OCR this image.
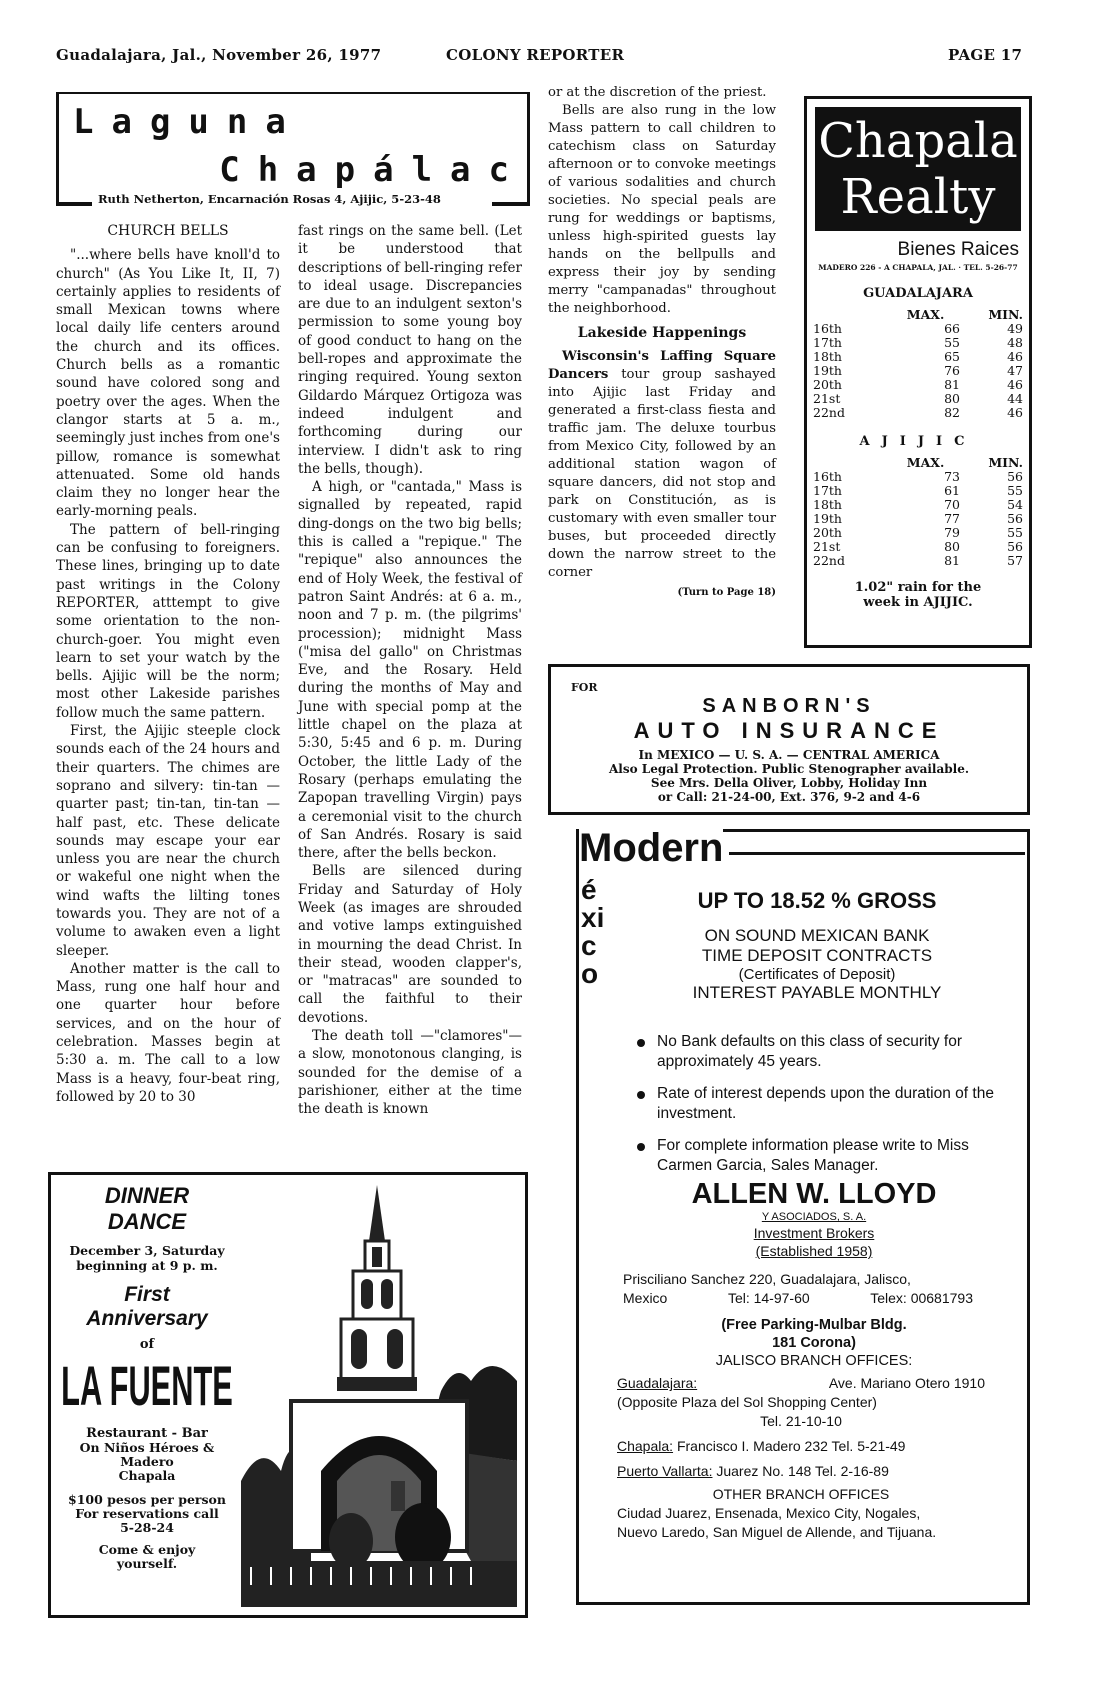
Guadalajara, Jal., November 26, 1977	COLONY REPORTER	PAGE 17
Laguna
Chapálac
Ruth Netherton, Encarnación Rosas 4, Ajijic, 5-23-48
CHURCH BELLS

"...where bells have knoll'd to church" (As You Like It, II, 7) certainly applies to residents of small Mexican towns where local daily life centers around the church and its offices. Church bells as a romantic sound have colored song and poetry over the ages. When the clangor starts at 5 a. m., seemingly just inches from one's pillow, romance is somewhat attenuated. Some old hands claim they no longer hear the early-morning peals.

The pattern of bell-ringing can be confusing to foreigners. These lines, bringing up to date past writings in the Colony REPORTER, atttempt to give some orientation to the non-church-goer. You might even learn to set your watch by the bells. Ajijic will be the norm; most other Lakeside parishes follow much the same pattern.

First, the Ajijic steeple clock sounds each of the 24 hours and their quarters. The chimes are soprano and silvery: tin-tan — quarter past; tin-tan, tin-tan — half past, etc. These delicate sounds may escape your ear unless you are near the church or wakeful one night when the wind wafts the lilting tones towards you. They are not of a volume to awaken even a light sleeper.

Another matter is the call to Mass, rung one half hour and one quarter hour before services, and on the hour of celebration. Masses begin at 5:30 a. m. The call to a low Mass is a heavy, four-beat ring, followed by 20 to 30

fast rings on the same bell. (Let it be understood that descriptions of bell-ringing refer to ideal usage. Discrepancies are due to an indulgent sexton's permission to some young boy of good conduct to hang on the bell-ropes and approximate the ringing required. Young sexton Gildardo Márquez Ortigoza was indeed indulgent and forthcoming during our interview. I didn't ask to ring the bells, though).

A high, or "cantada," Mass is signalled by repeated, rapid ding-dongs on the two big bells; this is called a "repique." The "repique" also announces the end of Holy Week, the festival of patron Saint Andrés: at 6 a. m., noon and 7 p. m. (the pilgrims' procession); midnight Mass ("misa del gallo" on Christmas Eve, and the Rosary. Held during the months of May and June with special pomp at the little chapel on the plaza at 5:30, 5:45 and 6 p. m. During October, the little Lady of the Rosary (perhaps emulating the Zapopan travelling Virgin) pays a ceremonial visit to the church of San Andrés. Rosary is said there, after the bells beckon.

Bells are silenced during Friday and Saturday of Holy Week (as images are shrouded and votive lamps extinguished in mourning the dead Christ. In their stead, wooden clapper's, or "matracas" are sounded to call the faithful to their devotions.

The death toll —"clamores"— a slow, monotonous clanging, is sounded for the demise of a parishioner, either at the time the death is known

or at the discretion of the priest.

Bells are also rung in the low Mass pattern to call children to catechism class on Saturday afternoon or to convoke meetings of various sodalities and church societies. No special peals are rung for weddings or baptisms, unless high-spirited guests lay hands on the bellpulls and express their joy by sending merry "campanadas" throughout the neighborhood.

Lakeside Happenings

Wisconsin's Laffing Square Dancers tour group sashayed into Ajijic last Friday and generated a first-class fiesta and traffic jam. The deluxe tourbus from Mexico City, followed by an additional station wagon of square dancers, did not stop and park on Constitución, as is customary with even smaller tour buses, but proceeded directly down the narrow street to the corner

(Turn to Page 18)
Chapala
Realty
Bienes Raices
MADERO 226 - A CHAPALA, JAL. · TEL. 5-26-77
GUADALAJARA
MAX.	MIN.
16th	66	49
17th	55	48
18th	65	46
19th	76	47
20th	81	46
21st	80	44
22nd	82	46
AJIJIC
MAX.	MIN.
16th	73	56
17th	61	55
18th	70	54
19th	77	56
20th	79	55
21st	80	56
22nd	81	57
1.02" rain for the week in AJIJIC.
FOR
SANBORN'S
AUTO INSURANCE
In MEXICO — U. S. A. — CENTRAL AMERICA
Also Legal Protection. Public Stenographer available.
See Mrs. Della Oliver, Lobby, Holiday Inn
or Call: 21-24-00, Ext. 376, 9-2 and 4-6
Modern
éxico
UP TO 18.52 % GROSS
ON SOUND MEXICAN BANK
TIME DEPOSIT CONTRACTS
(Certificates of Deposit)
INTEREST PAYABLE MONTHLY
No Bank defaults on this class of security for approximately 45 years.
Rate of interest depends upon the duration of the investment.
For complete information please write to Miss Carmen Garcia, Sales Manager.
ALLEN W. LLOYD
Y ASOCIADOS, S. A.
Investment Brokers
(Established 1958)
Prisciliano Sanchez 220, Guadalajara, Jalisco,
Mexico	Tel: 14-97-60	Telex: 00681793
(Free Parking-Mulbar Bldg.
181 Corona)
JALISCO BRANCH OFFICES:
Guadalajara:	Ave. Mariano Otero 1910
(Opposite Plaza del Sol Shopping Center)
Tel. 21-10-10
Chapala: Francisco I. Madero 232 Tel. 5-21-49
Puerto Vallarta: Juarez No. 148 Tel. 2-16-89
OTHER BRANCH OFFICES
Ciudad Juarez, Ensenada, Mexico City, Nogales,
Nuevo Laredo, San Miguel de Allende, and Tijuana.
DINNER
DANCE
December 3, Saturday
beginning at 9 p. m.
First
Anniversary
of
LA FUENTE
Restaurant - Bar
On Niños Héroes &
Madero
Chapala
$100 pesos per person
For reservations call
5-28-24
Come & enjoy
yourself.
